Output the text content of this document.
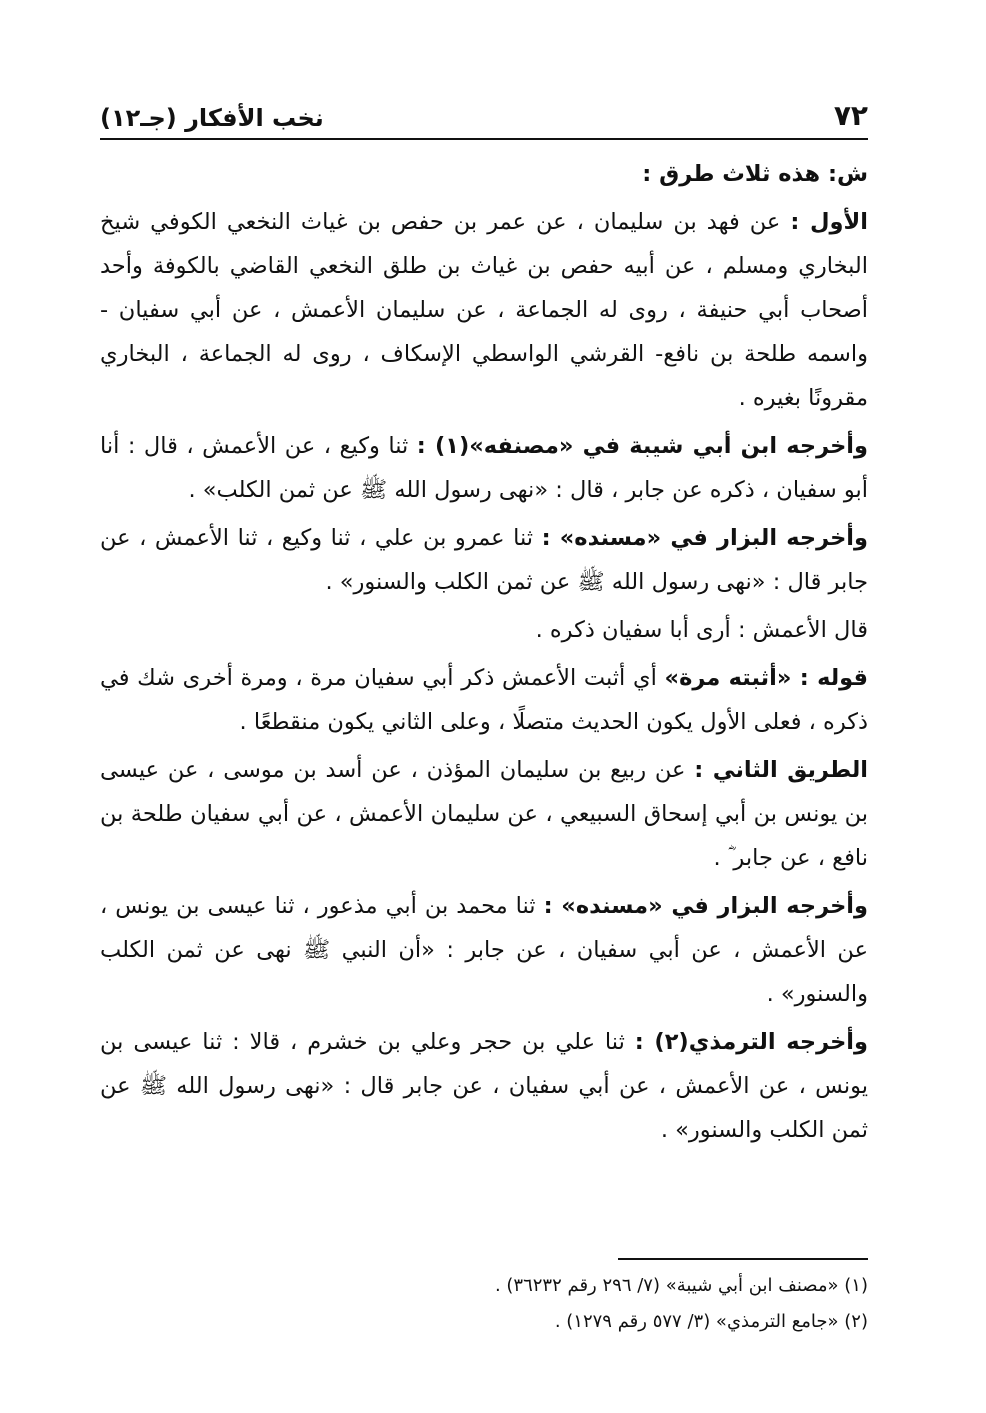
٧٢
نخب الأفكار (جـ١٢)

ش: هذه ثلاث طرق :

الأول : عن فهد بن سليمان ، عن عمر بن حفص بن غياث النخعي الكوفي شيخ البخاري ومسلم ، عن أبيه حفص بن غياث بن طلق النخعي القاضي بالكوفة وأحد أصحاب أبي حنيفة ، روى له الجماعة ، عن سليمان الأعمش ، عن أبي سفيان - واسمه طلحة بن نافع- القرشي الواسطي الإسكاف ، روى له الجماعة ، البخاري مقرونًا بغيره .

وأخرجه ابن أبي شيبة في «مصنفه»(١) : ثنا وكيع ، عن الأعمش ، قال : أنا أبو سفيان ، ذكره عن جابر ، قال : «نهى رسول الله ﷺ عن ثمن الكلب» .

وأخرجه البزار في «مسنده» : ثنا عمرو بن علي ، ثنا وكيع ، ثنا الأعمش ، عن جابر قال : «نهى رسول الله ﷺ عن ثمن الكلب والسنور» .

قال الأعمش : أرى أبا سفيان ذكره .

قوله : «أثبته مرة» أي أثبت الأعمش ذكر أبي سفيان مرة ، ومرة أخرى شك في ذكره ، فعلى الأول يكون الحديث متصلًا ، وعلى الثاني يكون منقطعًا .

الطريق الثاني : عن ربيع بن سليمان المؤذن ، عن أسد بن موسى ، عن عيسى بن يونس بن أبي إسحاق السبيعي ، عن سليمان الأعمش ، عن أبي سفيان طلحة بن نافع ، عن جابر ؓ .

وأخرجه البزار في «مسنده» : ثنا محمد بن أبي مذعور ، ثنا عيسى بن يونس ، عن الأعمش ، عن أبي سفيان ، عن جابر : «أن النبي ﷺ نهى عن ثمن الكلب والسنور» .

وأخرجه الترمذي(٢) : ثنا علي بن حجر وعلي بن خشرم ، قالا : ثنا عيسى بن يونس ، عن الأعمش ، عن أبي سفيان ، عن جابر قال : «نهى رسول الله ﷺ عن ثمن الكلب والسنور» .

(١) «مصنف ابن أبي شيبة» (٧/ ٢٩٦ رقم ٣٦٢٣٢) .

(٢) «جامع الترمذي» (٣/ ٥٧٧ رقم ١٢٧٩) .
